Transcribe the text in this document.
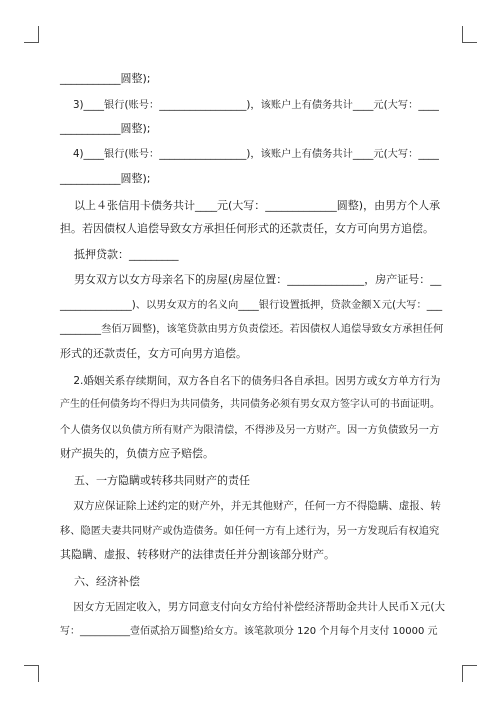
___________圆整);
3)____银行(账号：_________________)，该账户上有债务共计____元(大写：____
___________圆整);
4)____银行(账号：_________________)，该账户上有债务共计____元(大写：____
___________圆整);
以上４张信用卡债务共计____元(大写：_____________圆整)，由男方个人承
担。若因债权人追偿导致女方承担任何形式的还款责任，女方可向男方追偿。
抵押贷款：_________
男女双方以女方母亲名下的房屋(房屋位置：______________，房产证号：__
______________)、以男女双方的名义向____银行设置抵押，贷款金额Ｘ元(大写：___
________叁佰万圆整)，该笔贷款由男方负责偿还。若因债权人追偿导致女方承担任何
形式的还款责任，女方可向男方追偿。
2.婚姻关系存续期间，双方各自名下的债务归各自承担。因男方或女方单方行为
产生的任何债务均不得归为共同债务，共同债务必须有男女双方签字认可的书面证明。
个人债务仅以负债方所有财产为限清偿，不得涉及另一方财产。因一方负债致另一方
财产损失的，负债方应予赔偿。
五、一方隐瞒或转移共同财产的责任
双方应保证除上述约定的财产外，并无其他财产，任何一方不得隐瞒、虚报、转
移、隐匿夫妻共同财产或伪造债务。如任何一方有上述行为，另一方发现后有权追究
其隐瞒、虚报、转移财产的法律责任并分割该部分财产。
六、经济补偿
因女方无固定收入，男方同意支付向女方给付补偿经济帮助金共计人民币Ｘ元(大
写：__________壹佰贰拾万圆整)给女方。该笔款项分 120 个月每个月支付 10000 元
